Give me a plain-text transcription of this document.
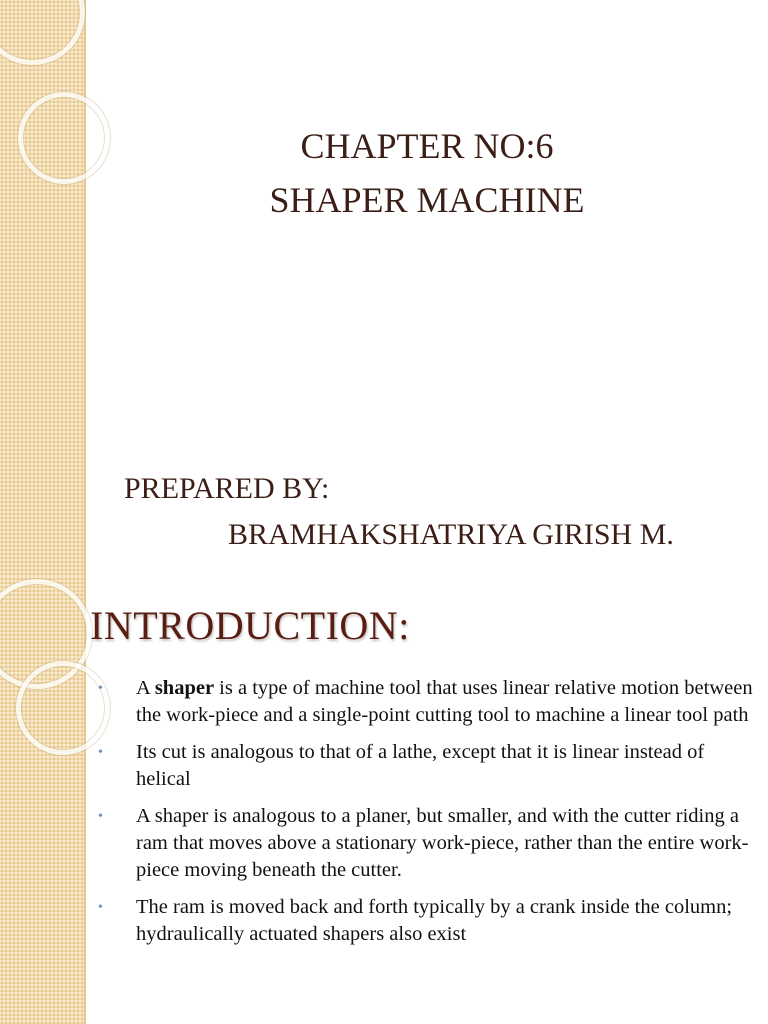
CHAPTER NO:6
SHAPER MACHINE
PREPARED BY:
BRAMHAKSHATRIYA GIRISH M.
INTRODUCTION:
• A shaper is a type of machine tool that uses linear relative motion between the work-piece and a single-point cutting tool to machine a linear tool path
• Its cut is analogous to that of a lathe, except that it is linear instead of helical
• A shaper is analogous to a planer, but smaller, and with the cutter riding a ram that moves above a stationary work-piece, rather than the entire work-piece moving beneath the cutter.
• The ram is moved back and forth typically by a crank inside the column; hydraulically actuated shapers also exist
